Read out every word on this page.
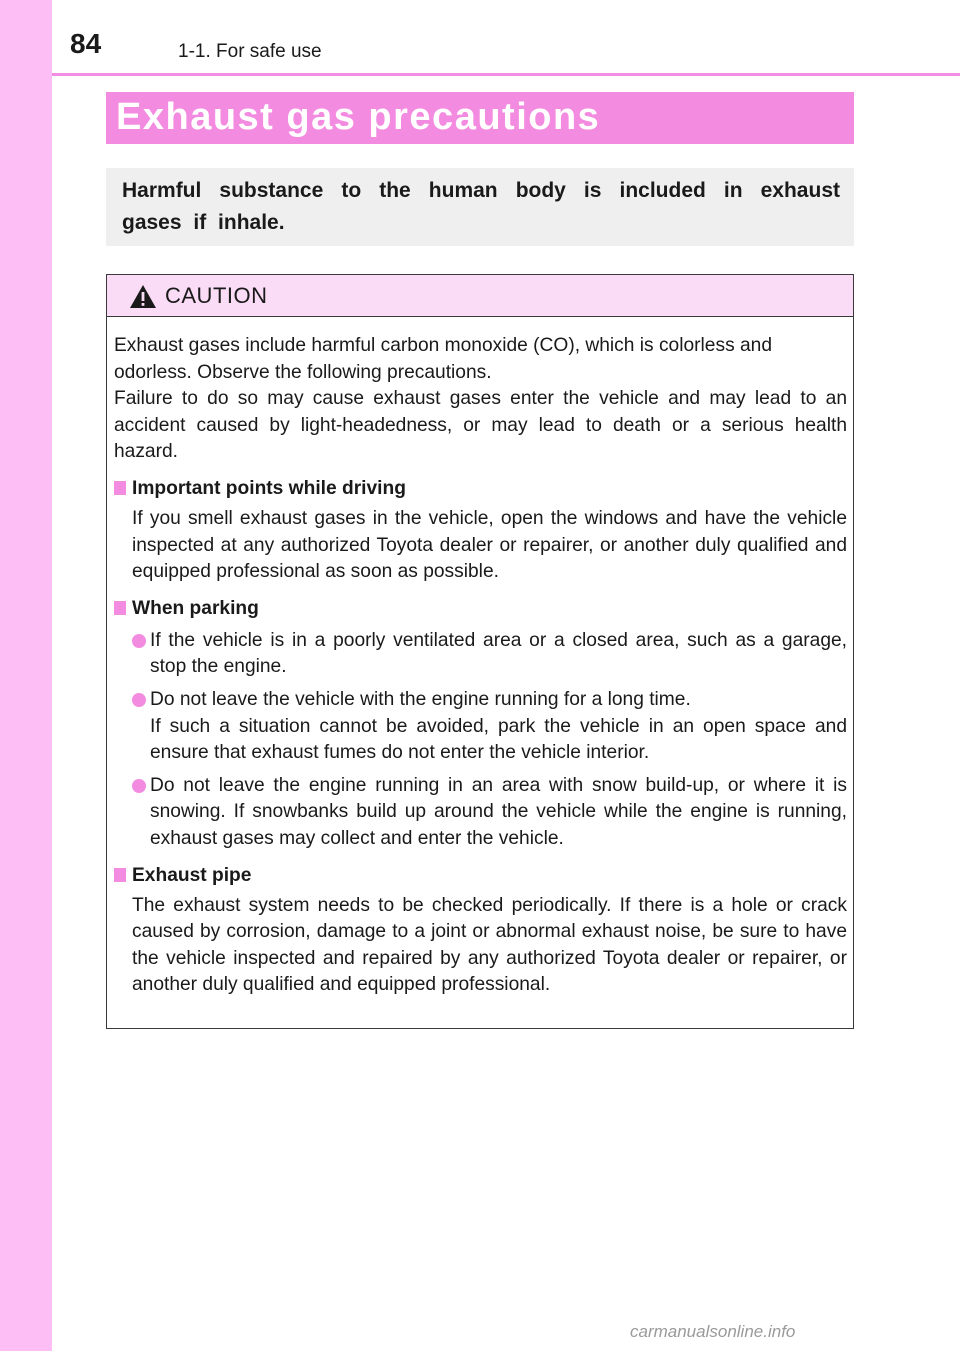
84	1-1. For safe use
Exhaust gas precautions
Harmful substance to the human body is included in exhaust gases if inhale.
CAUTION

Exhaust gases include harmful carbon monoxide (CO), which is colorless and odorless. Observe the following precautions.

Failure to do so may cause exhaust gases enter the vehicle and may lead to an accident caused by light-headedness, or may lead to death or a serious health hazard.

Important points while driving

If you smell exhaust gases in the vehicle, open the windows and have the vehicle inspected at any authorized Toyota dealer or repairer, or another duly qualified and equipped professional as soon as possible.

When parking
If the vehicle is in a poorly ventilated area or a closed area, such as a garage, stop the engine.
Do not leave the vehicle with the engine running for a long time.
If such a situation cannot be avoided, park the vehicle in an open space and ensure that exhaust fumes do not enter the vehicle interior.
Do not leave the engine running in an area with snow build-up, or where it is snowing. If snowbanks build up around the vehicle while the engine is running, exhaust gases may collect and enter the vehicle.
Exhaust pipe

The exhaust system needs to be checked periodically. If there is a hole or crack caused by corrosion, damage to a joint or abnormal exhaust noise, be sure to have the vehicle inspected and repaired by any authorized Toyota dealer or repairer, or another duly qualified and equipped professional.

carmanualsonline.info
